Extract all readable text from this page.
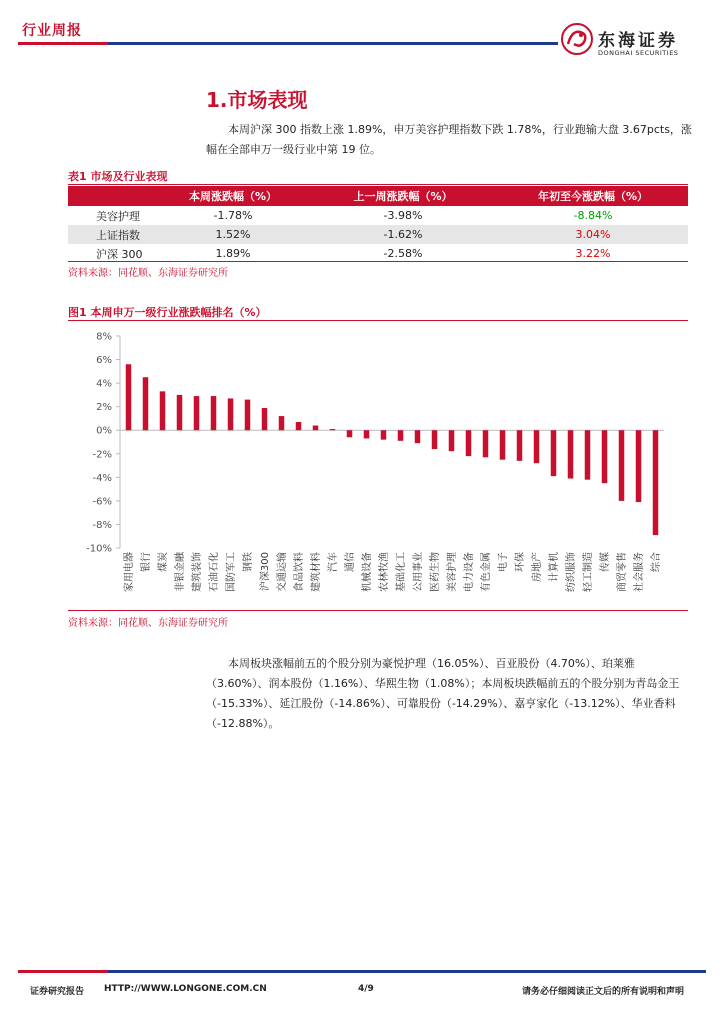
行业周报	东海证券
DONGHAI SECURITIES
1.市场表现
本周沪深 300 指数上涨 1.89%，申万美容护理指数下跌 1.78%，行业跑输大盘 3.67pcts，涨幅在全部申万一级行业中第 19 位。
表1 市场及行业表现
	本周涨跌幅（%）	上一周涨跌幅（%）	年初至今涨跌幅（%）
美容护理	-1.78%	-3.98%	-8.84%
上证指数	1.52%	-1.62%	3.04%
沪深 300	1.89%	-2.58%	3.22%
资料来源：同花顺、东海证券研究所
图1 本周申万一级行业涨跌幅排名（%）
8%
6%
4%
2%
0%
-2%
-4%
-6%
-8%
-10%
家用电器 银行 煤炭 非银金融 建筑装饰 石油石化 国防军工 钢铁 沪深300 交通运输 食品饮料 建筑材料 汽车 通信 机械设备 农林牧渔 基础化工 公用事业 医药生物 美容护理 电力设备 有色金属 电子 环保 房地产 计算机 纺织服饰 轻工制造 传媒 商贸零售 社会服务 综合
资料来源：同花顺、东海证券研究所
本周板块涨幅前五的个股分别为豪悦护理（16.05%）、百亚股份（4.70%）、珀莱雅（3.60%）、润本股份（1.16%）、华熙生物（1.08%）；本周板块跌幅前五的个股分别为青岛金王（-15.33%）、延江股份（-14.86%）、可靠股份（-14.29%）、嘉亨家化（-13.12%）、华业香料（-12.88%）。
证券研究报告 HTTP://WWW.LONGONE.COM.CN	4/9	请务必仔细阅读正文后的所有说明和声明
